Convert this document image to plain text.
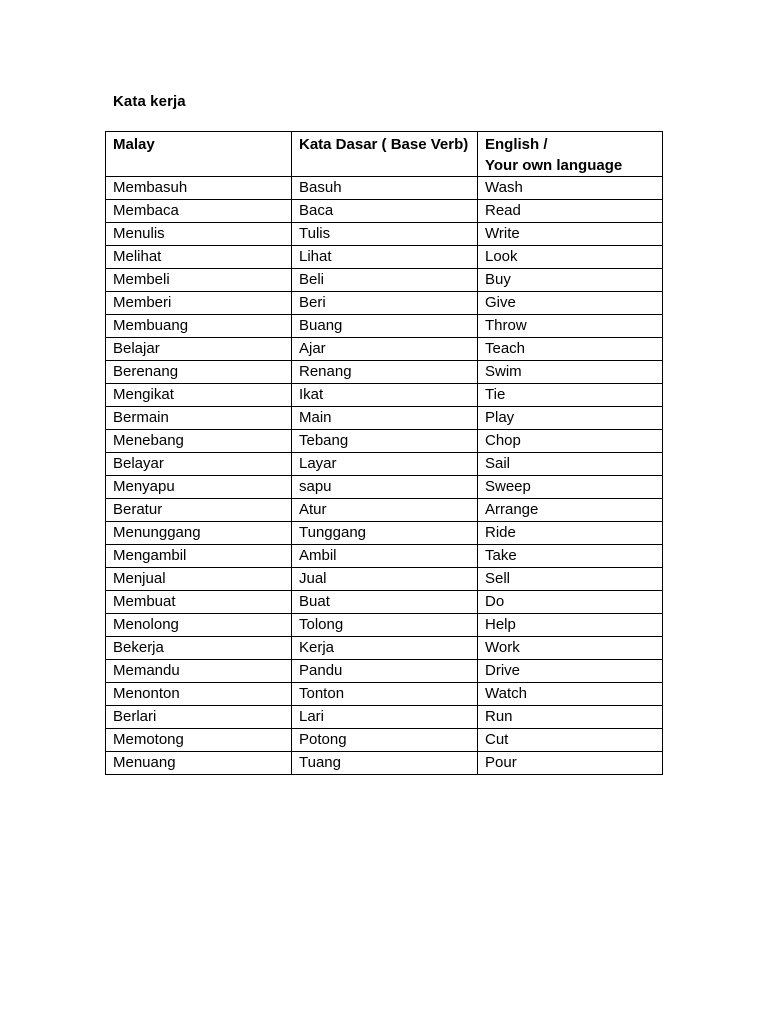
Kata kerja
Malay	Kata Dasar ( Base Verb)	English /
Your own language

Membasuh	Basuh	Wash
Membaca	Baca	Read
Menulis	Tulis	Write
Melihat	Lihat	Look
Membeli	Beli	Buy
Memberi	Beri	Give
Membuang	Buang	Throw
Belajar	Ajar	Teach
Berenang	Renang	Swim
Mengikat	Ikat	Tie
Bermain	Main	Play
Menebang	Tebang	Chop
Belayar	Layar	Sail
Menyapu	sapu	Sweep
Beratur	Atur	Arrange
Menunggang	Tunggang	Ride
Mengambil	Ambil	Take
Menjual	Jual	Sell
Membuat	Buat	Do
Menolong	Tolong	Help
Bekerja	Kerja	Work
Memandu	Pandu	Drive
Menonton	Tonton	Watch
Berlari	Lari	Run
Memotong	Potong	Cut
Menuang	Tuang	Pour
